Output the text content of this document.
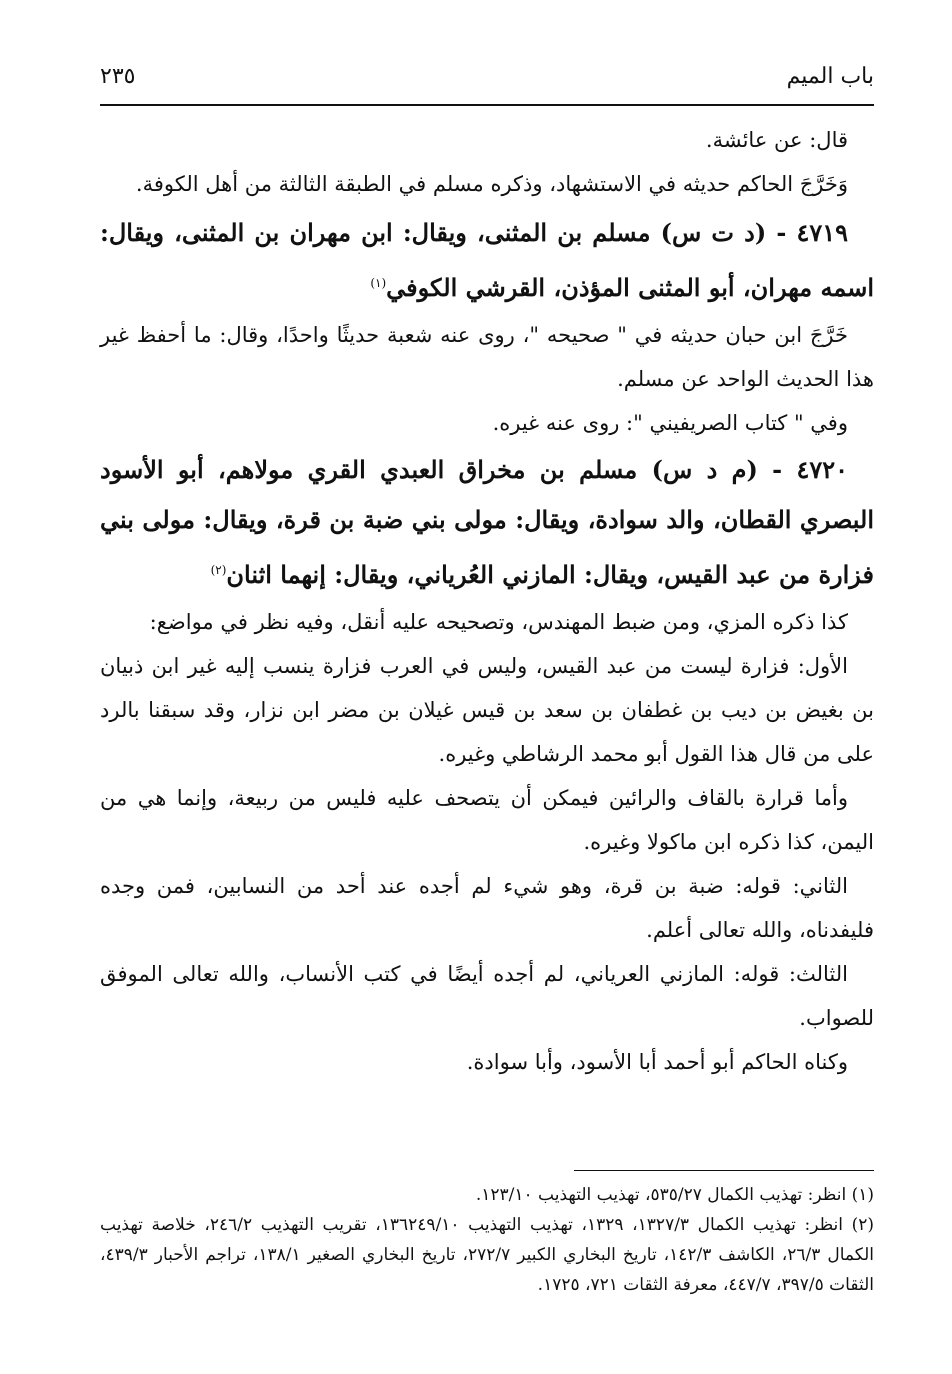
باب الميم
٢٣٥

قال: عن عائشة.

وَخَرَّجَ الحاكم حديثه في الاستشهاد، وذكره مسلم في الطبقة الثالثة من أهل الكوفة.

٤٧١٩ - (د ت س) مسلم بن المثنى، ويقال: ابن مهران بن المثنى، ويقال: اسمه مهران، أبو المثنى المؤذن، القرشي الكوفي$^{(١)}$

خَرَّجَ ابن حبان حديثه في " صحيحه "، روى عنه شعبة حديثًا واحدًا، وقال: ما أحفظ غير هذا الحديث الواحد عن مسلم.

وفي " كتاب الصريفيني ": روى عنه غيره.

٤٧٢٠ - (م د س) مسلم بن مخراق العبدي القري مولاهم، أبو الأسود البصري القطان، والد سوادة، ويقال: مولى بني ضبة بن قرة، ويقال: مولى بني فزارة من عبد القيس، ويقال: المازني العُرياني، ويقال: إنهما اثنان$^{(٢)}$

كذا ذكره المزي، ومن ضبط المهندس، وتصحيحه عليه أنقل، وفيه نظر في مواضع:

الأول: فزارة ليست من عبد القيس، وليس في العرب فزارة ينسب إليه غير ابن ذبيان بن بغيض بن ديب بن غطفان بن سعد بن قيس غيلان بن مضر ابن نزار، وقد سبقنا بالرد على من قال هذا القول أبو محمد الرشاطي وغيره.

وأما قرارة بالقاف والرائين فيمكن أن يتصحف عليه فليس من ربيعة، وإنما هي من اليمن، كذا ذكره ابن ماكولا وغيره.

الثاني: قوله: ضبة بن قرة، وهو شيء لم أجده عند أحد من النسابين، فمن وجده فليفدناه، والله تعالى أعلم.

الثالث: قوله: المازني العرياني، لم أجده أيضًا في كتب الأنساب، والله تعالى الموفق للصواب.

وكناه الحاكم أبو أحمد أبا الأسود، وأبا سوادة.

(١) انظر: تهذيب الكمال ٥٣٥/٢٧، تهذيب التهذيب ١٢٣/١٠.

(٢) انظر: تهذيب الكمال ١٣٢٧/٣، ١٣٢٩، تهذيب التهذيب ١٣٦٢٤٩/١٠، تقريب التهذيب ٢٤٦/٢، خلاصة تهذيب الكمال ٢٦/٣، الكاشف ١٤٢/٣، تاريخ البخاري الكبير ٢٧٢/٧، تاريخ البخاري الصغير ١٣٨/١، تراجم الأحبار ٤٣٩/٣، الثقات ٣٩٧/٥، ٤٤٧/٧، معرفة الثقات ٧٢١، ١٧٢٥.
